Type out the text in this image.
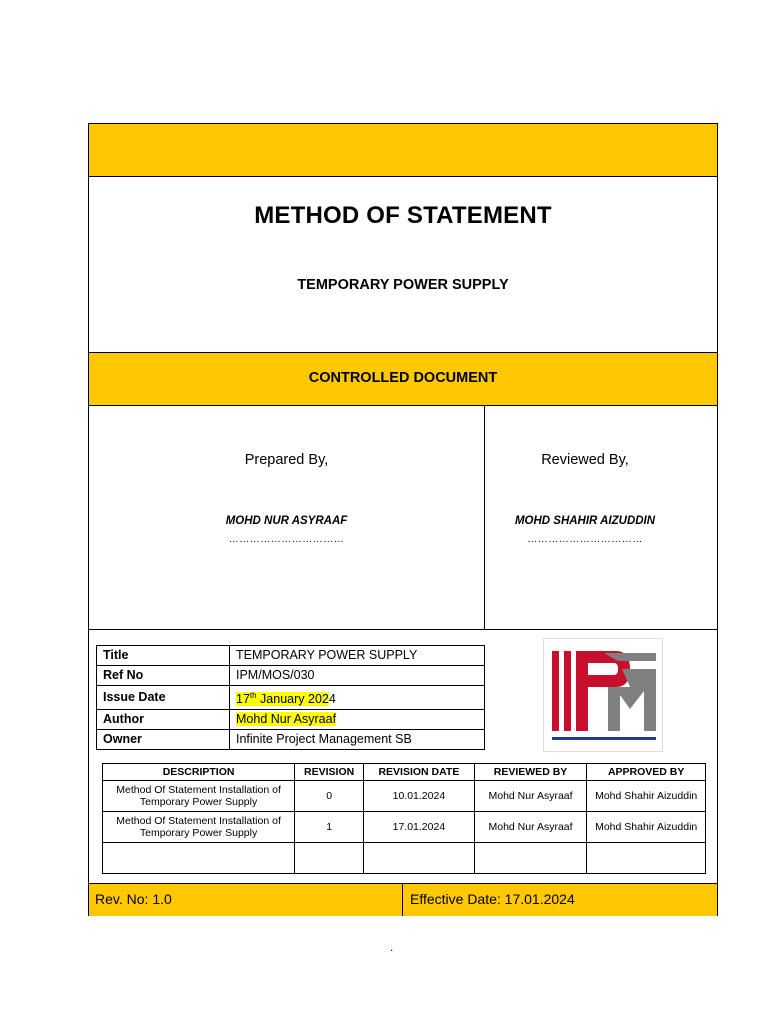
METHOD OF STATEMENT
TEMPORARY POWER SUPPLY
CONTROLLED DOCUMENT
Prepared By,
MOHD NUR ASYRAAF
……………………………
Reviewed By,
MOHD SHAHIR AIZUDDIN
……………………………
Title	TEMPORARY POWER SUPPLY
Ref No	IPM/MOS/030
Issue Date	17th January 2024
Author	Mohd Nur Asyraaf
Owner	Infinite Project Management SB
DESCRIPTION	REVISION	REVISION DATE	REVIEWED BY	APPROVED BY
Method Of Statement Installation of Temporary Power Supply	0	10.01.2024	Mohd Nur Asyraaf	Mohd Shahir Aizuddin
Method Of Statement Installation of Temporary Power Supply	1	17.01.2024	Mohd Nur Asyraaf	Mohd Shahir Aizuddin

Rev. No: 1.0	Effective Date: 17.01.2024
.
